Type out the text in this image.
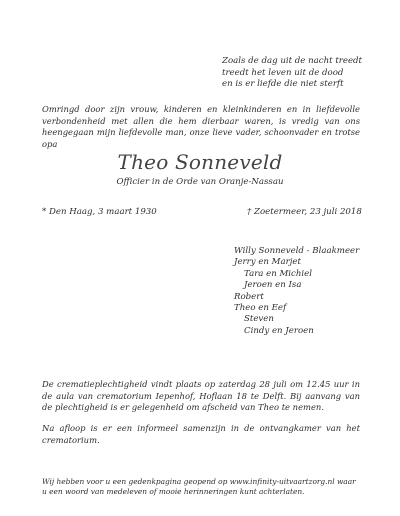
Zoals de dag uit de nacht treedt
treedt het leven uit de dood
en is er liefde die niet sterft
Omringd door zijn vrouw, kinderen en kleinkinderen en in liefdevolle verbondenheid met allen die hem dierbaar waren, is vredig van ons heengegaan mijn liefdevolle man, onze lieve vader, schoonvader en trotse opa
Theo Sonneveld
Officier in de Orde van Oranje-Nassau
* Den Haag, 3 maart 1930	† Zoetermeer, 23 juli 2018
Willy Sonneveld - Blaakmeer
Jerry en Marjet
Tara en Michiel
Jeroen en Isa
Robert
Theo en Eef
Steven
Cindy en Jeroen
De crematieplechtigheid vindt plaats op zaterdag 28 juli om 12.45 uur in de aula van crematorium Iepenhof, Hoflaan 18 te Delft. Bij aanvang van de plechtigheid is er gelegenheid om afscheid van Theo te nemen.
Na afloop is er een informeel samenzijn in de ontvangkamer van het crematorium.
Wij hebben voor u een gedenkpagina geopend op www.infinity-uitvaartzorg.nl waar u een woord van medeleven of mooie herinneringen kunt achterlaten.
